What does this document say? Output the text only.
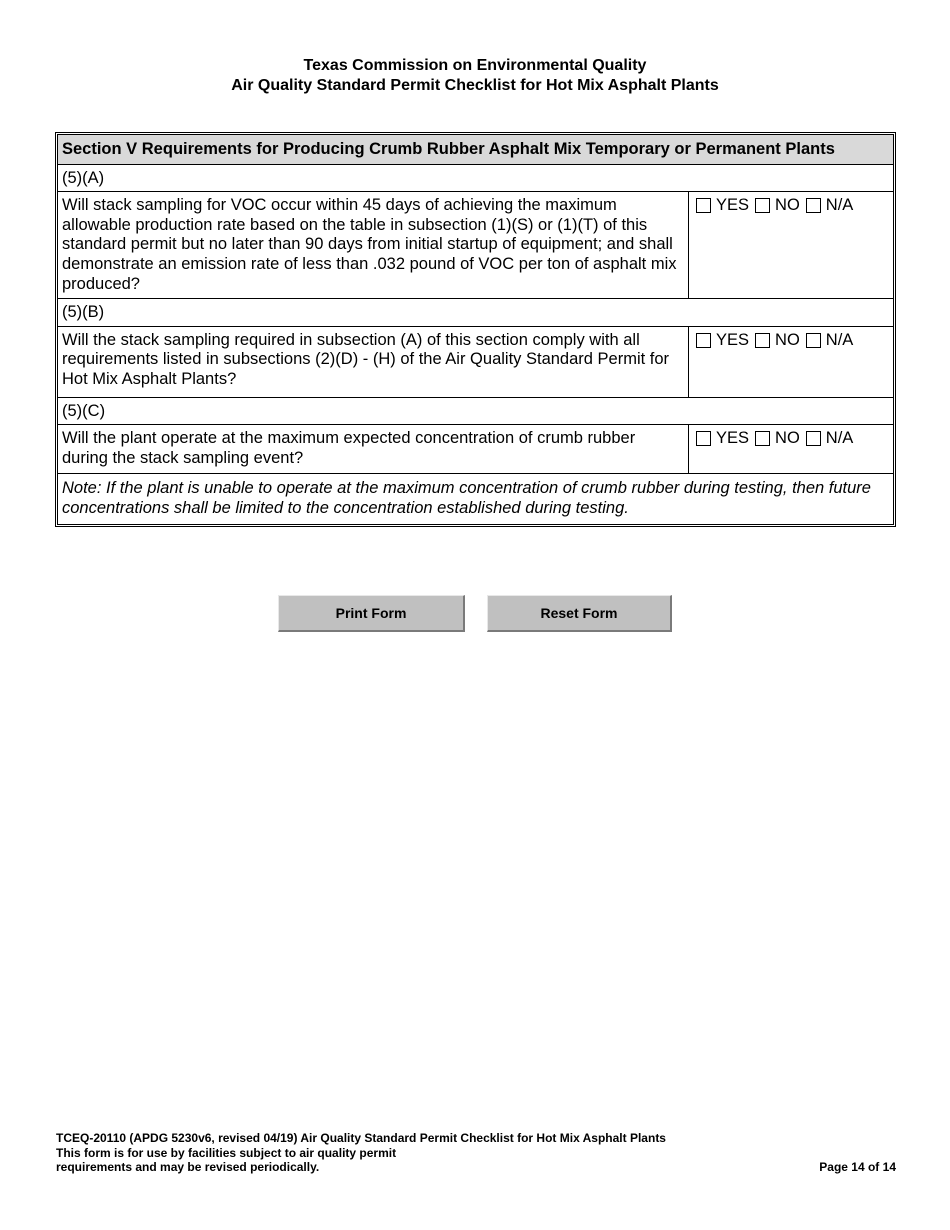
Texas Commission on Environmental Quality
Air Quality Standard Permit Checklist for Hot Mix Asphalt Plants
Section V Requirements for Producing Crumb Rubber Asphalt Mix Temporary or Permanent Plants
(5)(A)
Will stack sampling for VOC occur within 45 days of achieving the maximum allowable production rate based on the table in subsection (1)(S) or (1)(T) of this standard permit but no later than 90 days from initial startup of equipment; and shall demonstrate an emission rate of less than .032 pound of VOC per ton of asphalt mix produced?
YES NO N/A
(5)(B)
Will the stack sampling required in subsection (A) of this section comply with all requirements listed in subsections (2)(D) - (H) of the Air Quality Standard Permit for Hot Mix Asphalt Plants?
YES NO N/A
(5)(C)
Will the plant operate at the maximum expected concentration of crumb rubber during the stack sampling event?
YES NO N/A
Note: If the plant is unable to operate at the maximum concentration of crumb rubber during testing, then future concentrations shall be limited to the concentration established during testing.
Print Form	Reset Form
TCEQ-20110 (APDG 5230v6, revised 04/19) Air Quality Standard Permit Checklist for Hot Mix Asphalt Plants
This form is for use by facilities subject to air quality permit
requirements and may be revised periodically.	Page 14 of 14
